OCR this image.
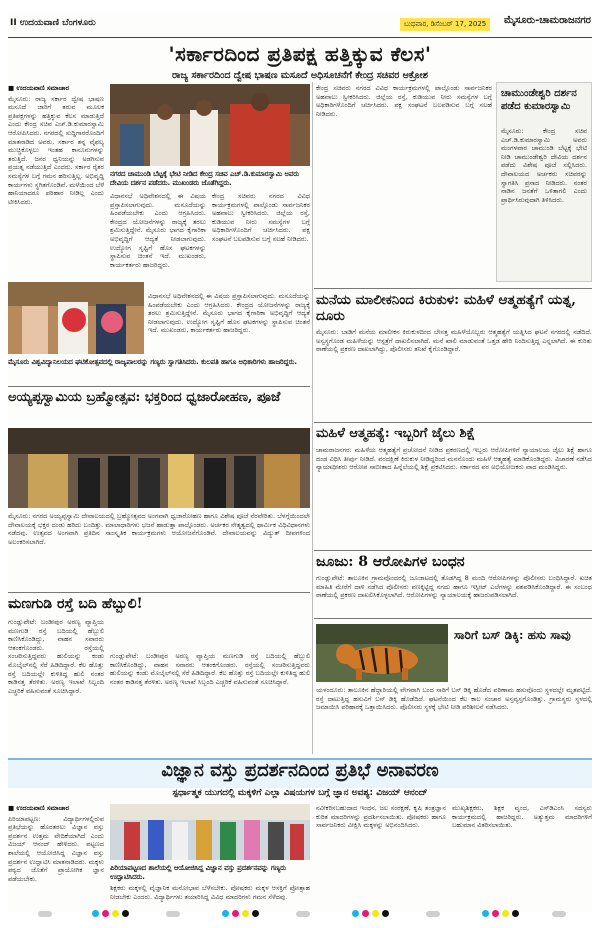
II ಉದಯವಾಣಿ ಬೆಂಗಳೂರು	ಬುಧವಾರ, ಡಿಸೆಂಬರ್ 17, 2025	ಮೈಸೂರು-ಚಾಮರಾಜನಗರ
'ಸರ್ಕಾರದಿಂದ ಪ್ರತಿಪಕ್ಷ ಹತ್ತಿಕ್ಕುವ ಕೆಲಸ'
ರಾಜ್ಯ ಸರ್ಕಾರದಿಂದ ದ್ವೇಷ ಭಾಷಣ ಮಸೂದೆ ಅಧಿಸೂಚನೆಗೆ ಕೇಂದ್ರ ಸಚಿವರ ಆಕ್ರೋಶ
■ ಉದಯವಾಣಿ ಸಮಾಚಾರ
ಮೈಸೂರು: ರಾಜ್ಯ ಸರ್ಕಾರ ದ್ವೇಷ ಭಾಷಣ ಮಸೂದೆ ಜಾರಿಗೆ ತರುವ ಮೂಲಕ ಪ್ರತಿಪಕ್ಷಗಳನ್ನು ಹತ್ತಿಕ್ಕುವ ಕೆಲಸ ಮಾಡುತ್ತಿದೆ ಎಂದು ಕೇಂದ್ರ ಸಚಿವ ಎಚ್.ಡಿ.ಕುಮಾರಸ್ವಾಮಿ ಆರೋಪಿಸಿದರು. ನಗರದಲ್ಲಿ ಸುದ್ದಿಗಾರರೊಂದಿಗೆ ಮಾತನಾಡಿದ ಅವರು, ಸರ್ಕಾರ ತನ್ನ ವೈಫಲ್ಯ ಮುಚ್ಚಿಕೊಳ್ಳಲು ಇಂತಹ ಕಾನೂನುಗಳನ್ನು ತರುತ್ತಿದೆ. ಜನರ ಧ್ವನಿಯನ್ನು ಅಡಗಿಸುವ ಪ್ರಯತ್ನ ನಡೆಯುತ್ತಿದೆ ಎಂದರು. ಸರ್ಕಾರ ರೈತರ ಸಮಸ್ಯೆಗಳ ಬಗ್ಗೆ ಗಮನ ಹರಿಸುತ್ತಿಲ್ಲ. ಅಭಿವೃದ್ಧಿ ಕಾರ್ಯಗಳು ಸ್ಥಗಿತಗೊಂಡಿವೆ. ಮಳೆಯಿಂದ ಬೆಳೆ ಹಾನಿಯಾದರೂ ಪರಿಹಾರ ನೀಡಿಲ್ಲ ಎಂದು ಟೀಕಿಸಿದರು.
ನಗರದ ಚಾಮುಂಡಿ ಬೆಟ್ಟಕ್ಕೆ ಭೇಟಿ ನೀಡಿದ ಕೇಂದ್ರ ಸಚಿವ ಎಚ್.ಡಿ.ಕುಮಾರಸ್ವಾಮಿ ಅವರು ದೇವಿಯ ದರ್ಶನ ಪಡೆದರು. ಮುಖಂಡರು ಜೊತೆಗಿದ್ದರು.
ವಿಧಾನಸಭೆ ಅಧಿವೇಶನದಲ್ಲಿ ಈ ವಿಷಯ ಪ್ರಸ್ತಾಪಿಸಲಾಗುವುದು. ಮಸೂದೆಯನ್ನು ಹಿಂಪಡೆಯಬೇಕು ಎಂದು ಆಗ್ರಹಿಸಿದರು. ಕೇಂದ್ರದ ಯೋಜನೆಗಳನ್ನು ರಾಜ್ಯಕ್ಕೆ ತರಲು ಶ್ರಮಿಸುತ್ತಿದ್ದೇನೆ. ಮೈಸೂರು ಭಾಗದ ಕೈಗಾರಿಕಾ ಅಭಿವೃದ್ಧಿಗೆ ಆದ್ಯತೆ ನೀಡಲಾಗುವುದು. ಉದ್ಯೋಗ ಸೃಷ್ಟಿಗೆ ಹೊಸ ಘಟಕಗಳನ್ನು ಸ್ಥಾಪಿಸುವ ಚಿಂತನೆ ಇದೆ. ಮುಖಂಡರು, ಕಾರ್ಯಕರ್ತರು ಹಾಜರಿದ್ದರು.
ಕೇಂದ್ರ ಸಚಿವರು ನಗರದ ವಿವಿಧ ಕಾರ್ಯಕ್ರಮಗಳಲ್ಲಿ ಪಾಲ್ಗೊಂಡು ಸಾರ್ವಜನಿಕರ ಅಹವಾಲು ಸ್ವೀಕರಿಸಿದರು. ಜಿಲ್ಲೆಯ ರಸ್ತೆ, ಕುಡಿಯುವ ನೀರು ಸಮಸ್ಯೆಗಳ ಬಗ್ಗೆ ಅಧಿಕಾರಿಗಳೊಂದಿಗೆ ಚರ್ಚಿಸಿದರು. ಪಕ್ಷ ಸಂಘಟನೆ ಬಲಪಡಿಸುವ ಬಗ್ಗೆ ಸಲಹೆ ನೀಡಿದರು.
ಕೇಂದ್ರ ಸಚಿವರು ನಗರದ ವಿವಿಧ ಕಾರ್ಯಕ್ರಮಗಳಲ್ಲಿ ಪಾಲ್ಗೊಂಡು ಸಾರ್ವಜನಿಕರ ಅಹವಾಲು ಸ್ವೀಕರಿಸಿದರು. ಜಿಲ್ಲೆಯ ರಸ್ತೆ, ಕುಡಿಯುವ ನೀರು ಸಮಸ್ಯೆಗಳ ಬಗ್ಗೆ ಅಧಿಕಾರಿಗಳೊಂದಿಗೆ ಚರ್ಚಿಸಿದರು. ಪಕ್ಷ ಸಂಘಟನೆ ಬಲಪಡಿಸುವ ಬಗ್ಗೆ ಸಲಹೆ ನೀಡಿದರು.
ಚಾಮುಂಡೇಶ್ವರಿ ದರ್ಶನ ಪಡೆದ ಕುಮಾರಸ್ವಾಮಿ
ಮೈಸೂರು: ಕೇಂದ್ರ ಸಚಿವ ಎಚ್.ಡಿ.ಕುಮಾರಸ್ವಾಮಿ ಅವರು ಮಂಗಳವಾರ ಚಾಮುಂಡಿ ಬೆಟ್ಟಕ್ಕೆ ಭೇಟಿ ನೀಡಿ ಚಾಮುಂಡೇಶ್ವರಿ ದೇವಿಯ ದರ್ಶನ ಪಡೆದು ವಿಶೇಷ ಪೂಜೆ ಸಲ್ಲಿಸಿದರು. ದೇವಾಲಯದ ಅರ್ಚಕರು ಸಚಿವರನ್ನು ಸ್ವಾಗತಿಸಿ ಪ್ರಸಾದ ನೀಡಿದರು. ನಂತರ ನಾಡಿನ ಜನತೆಗೆ ಒಳಿತಾಗಲಿ ಎಂದು ಪ್ರಾರ್ಥಿಸಿರುವುದಾಗಿ ತಿಳಿಸಿದರು.
ಮೈಸೂರು ವಿಶ್ವವಿದ್ಯಾನಿಲಯದ ಘಟಿಕೋತ್ಸವದಲ್ಲಿ ರಾಜ್ಯಪಾಲರನ್ನು ಗಣ್ಯರು ಸ್ವಾಗತಿಸಿದರು. ಕುಲಪತಿ ಹಾಗೂ ಅಧಿಕಾರಿಗಳು ಹಾಜರಿದ್ದರು.
ಮನೆಯ ಮಾಲೀಕನಿಂದ ಕಿರುಕುಳ: ಮಹಿಳೆ ಆತ್ಮಹತ್ಯೆಗೆ ಯತ್ನ, ದೂರು
ಮೈಸೂರು: ಬಾಡಿಗೆ ಮನೆಯ ಮಾಲೀಕನ ಕಿರುಕುಳದಿಂದ ಬೇಸತ್ತ ಮಹಿಳೆಯೊಬ್ಬರು ಆತ್ಮಹತ್ಯೆಗೆ ಯತ್ನಿಸಿದ ಘಟನೆ ನಗರದಲ್ಲಿ ನಡೆದಿದೆ. ಅಸ್ವಸ್ಥಗೊಂಡ ಮಹಿಳೆಯನ್ನು ಆಸ್ಪತ್ರೆಗೆ ದಾಖಲಿಸಲಾಗಿದೆ. ಮನೆ ಖಾಲಿ ಮಾಡುವಂತೆ ಒತ್ತಡ ಹೇರಿ ನಿಂದಿಸುತ್ತಿದ್ದ ಎನ್ನಲಾಗಿದೆ. ಈ ಕುರಿತು ಠಾಣೆಯಲ್ಲಿ ಪ್ರಕರಣ ದಾಖಲಾಗಿದ್ದು, ಪೊಲೀಸರು ತನಿಖೆ ಕೈಗೊಂಡಿದ್ದಾರೆ.
ವಿಧಾನಸಭೆ ಅಧಿವೇಶನದಲ್ಲಿ ಈ ವಿಷಯ ಪ್ರಸ್ತಾಪಿಸಲಾಗುವುದು. ಮಸೂದೆಯನ್ನು ಹಿಂಪಡೆಯಬೇಕು ಎಂದು ಆಗ್ರಹಿಸಿದರು. ಕೇಂದ್ರದ ಯೋಜನೆಗಳನ್ನು ರಾಜ್ಯಕ್ಕೆ ತರಲು ಶ್ರಮಿಸುತ್ತಿದ್ದೇನೆ. ಮೈಸೂರು ಭಾಗದ ಕೈಗಾರಿಕಾ ಅಭಿವೃದ್ಧಿಗೆ ಆದ್ಯತೆ ನೀಡಲಾಗುವುದು. ಉದ್ಯೋಗ ಸೃಷ್ಟಿಗೆ ಹೊಸ ಘಟಕಗಳನ್ನು ಸ್ಥಾಪಿಸುವ ಚಿಂತನೆ ಇದೆ. ಮುಖಂಡರು, ಕಾರ್ಯಕರ್ತರು ಹಾಜರಿದ್ದರು.
ಅಯ್ಯಪ್ಪಸ್ವಾಮಿಯ ಬ್ರಹ್ಮೋತ್ಸವ: ಭಕ್ತರಿಂದ ಧ್ವಜಾರೋಹಣ, ಪೂಜೆ
ಮೈಸೂರು: ನಗರದ ಅಯ್ಯಪ್ಪಸ್ವಾಮಿ ದೇವಾಲಯದಲ್ಲಿ ಬ್ರಹ್ಮೋತ್ಸವದ ಅಂಗವಾಗಿ ಧ್ವಜಾರೋಹಣ ಹಾಗೂ ವಿಶೇಷ ಪೂಜೆ ನೆರವೇರಿತು. ಬೆಳಗ್ಗೆಯಿಂದಲೇ ದೇವಾಲಯಕ್ಕೆ ಭಕ್ತರ ದಂಡು ಹರಿದು ಬಂದಿತ್ತು. ಮಾಲಾಧಾರಿಗಳು ಭಜನೆ ಹಾಡುತ್ತಾ ಪಾಲ್ಗೊಂಡರು. ಅರ್ಚಕರ ನೇತೃತ್ವದಲ್ಲಿ ಧಾರ್ಮಿಕ ವಿಧಿವಿಧಾನಗಳು ನಡೆದವು. ಉತ್ಸವದ ಅಂಗವಾಗಿ ಪ್ರತಿದಿನ ಸಾಂಸ್ಕೃತಿಕ ಕಾರ್ಯಕ್ರಮಗಳು ಆಯೋಜನೆಗೊಂಡಿವೆ. ದೇವಾಲಯವನ್ನು ವಿದ್ಯುತ್ ದೀಪಗಳಿಂದ ಅಲಂಕರಿಸಲಾಗಿದೆ.
ಮಹಿಳೆ ಆತ್ಮಹತ್ಯೆ: ಇಬ್ಬರಿಗೆ ಜೈಲು ಶಿಕ್ಷೆ
ಚಾಮರಾಜನಗರ: ಮಹಿಳೆಯ ಆತ್ಮಹತ್ಯೆಗೆ ಪ್ರಚೋದನೆ ನೀಡಿದ ಪ್ರಕರಣದಲ್ಲಿ ಇಬ್ಬರು ಆರೋಪಿಗಳಿಗೆ ನ್ಯಾಯಾಲಯ ಜೈಲು ಶಿಕ್ಷೆ ಹಾಗೂ ದಂಡ ವಿಧಿಸಿ ತೀರ್ಪು ನೀಡಿದೆ. ವರದಕ್ಷಿಣೆ ಕಿರುಕುಳ ನೀಡಿದ್ದರಿಂದ ಮನನೊಂದು ಮಹಿಳೆ ಆತ್ಮಹತ್ಯೆ ಮಾಡಿಕೊಂಡಿದ್ದರು. ವಿಚಾರಣೆ ನಡೆಸಿದ ನ್ಯಾಯಾಧೀಶರು ಆರೋಪ ಸಾಬೀತಾದ ಹಿನ್ನೆಲೆಯಲ್ಲಿ ಶಿಕ್ಷೆ ಪ್ರಕಟಿಸಿದರು. ಸರ್ಕಾರದ ಪರ ಅಭಿಯೋಜಕರು ವಾದ ಮಂಡಿಸಿದ್ದರು.
ಜೂಜು: 8 ಆರೋಪಿಗಳ ಬಂಧನ
ಗುಂಡ್ಲುಪೇಟೆ: ತಾಲೂಕಿನ ಗ್ರಾಮವೊಂದರಲ್ಲಿ ಜೂಜಾಟದಲ್ಲಿ ತೊಡಗಿದ್ದ 8 ಮಂದಿ ಆರೋಪಿಗಳನ್ನು ಪೊಲೀಸರು ಬಂಧಿಸಿದ್ದಾರೆ. ಖಚಿತ ಮಾಹಿತಿ ಮೇರೆಗೆ ದಾಳಿ ನಡೆಸಿದ ಪೊಲೀಸರು ಪಣಕ್ಕಿಟ್ಟಿದ್ದ ನಗದು ಹಾಗೂ ಇಸ್ಪೀಟ್ ಎಲೆಗಳನ್ನು ವಶಪಡಿಸಿಕೊಂಡಿದ್ದಾರೆ. ಈ ಸಂಬಂಧ ಠಾಣೆಯಲ್ಲಿ ಪ್ರಕರಣ ದಾಖಲಿಸಿಕೊಳ್ಳಲಾಗಿದೆ. ಆರೋಪಿಗಳನ್ನು ನ್ಯಾಯಾಲಯಕ್ಕೆ ಹಾಜರುಪಡಿಸಲಾಗಿದೆ.
ಮಣಗುಡಿ ರಸ್ತೆ ಬದಿ ಹೆಬ್ಬುಲಿ!
ಗುಂಡ್ಲುಪೇಟೆ: ಬಂಡೀಪುರ ಅರಣ್ಯ ವ್ಯಾಪ್ತಿಯ ಮಣಗುಡಿ ರಸ್ತೆ ಬದಿಯಲ್ಲಿ ಹೆಬ್ಬುಲಿ ಕಾಣಿಸಿಕೊಂಡಿದ್ದು, ವಾಹನ ಸವಾರರು ಆತಂಕಗೊಂಡರು. ರಸ್ತೆಯಲ್ಲಿ ಸಂಚರಿಸುತ್ತಿದ್ದವರು ಹುಲಿಯನ್ನು ಕಂಡು ಮೊಬೈಲ್‌ನಲ್ಲಿ ಸೆರೆ ಹಿಡಿದಿದ್ದಾರೆ. ಕೆಲ ಹೊತ್ತು ರಸ್ತೆ ಬದಿಯಲ್ಲೇ ಕುಳಿತಿದ್ದ ಹುಲಿ ನಂತರ ಕಾಡಿನತ್ತ ತೆರಳಿತು. ಅರಣ್ಯ ಇಲಾಖೆ ಸಿಬ್ಬಂದಿ ಎಚ್ಚರಿಕೆ ವಹಿಸುವಂತೆ ಸೂಚಿಸಿದ್ದಾರೆ.
ಗುಂಡ್ಲುಪೇಟೆ: ಬಂಡೀಪುರ ಅರಣ್ಯ ವ್ಯಾಪ್ತಿಯ ಮಣಗುಡಿ ರಸ್ತೆ ಬದಿಯಲ್ಲಿ ಹೆಬ್ಬುಲಿ ಕಾಣಿಸಿಕೊಂಡಿದ್ದು, ವಾಹನ ಸವಾರರು ಆತಂಕಗೊಂಡರು. ರಸ್ತೆಯಲ್ಲಿ ಸಂಚರಿಸುತ್ತಿದ್ದವರು ಹುಲಿಯನ್ನು ಕಂಡು ಮೊಬೈಲ್‌ನಲ್ಲಿ ಸೆರೆ ಹಿಡಿದಿದ್ದಾರೆ. ಕೆಲ ಹೊತ್ತು ರಸ್ತೆ ಬದಿಯಲ್ಲೇ ಕುಳಿತಿದ್ದ ಹುಲಿ ನಂತರ ಕಾಡಿನತ್ತ ತೆರಳಿತು. ಅರಣ್ಯ ಇಲಾಖೆ ಸಿಬ್ಬಂದಿ ಎಚ್ಚರಿಕೆ ವಹಿಸುವಂತೆ ಸೂಚಿಸಿದ್ದಾರೆ.
ಸಾರಿಗೆ ಬಸ್ ಡಿಕ್ಕಿ: ಹಸು ಸಾವು
ಯಳಂದೂರು: ತಾಲೂಕಿನ ಹೆದ್ದಾರಿಯಲ್ಲಿ ವೇಗವಾಗಿ ಬಂದ ಸಾರಿಗೆ ಬಸ್ ಡಿಕ್ಕಿ ಹೊಡೆದ ಪರಿಣಾಮ ಹಸುವೊಂದು ಸ್ಥಳದಲ್ಲೇ ಮೃತಪಟ್ಟಿದೆ. ರಸ್ತೆ ದಾಟುತ್ತಿದ್ದ ಹಸುವಿಗೆ ಬಸ್ ಡಿಕ್ಕಿ ಹೊಡೆದಿದೆ. ಘಟನೆಯಿಂದ ಕೆಲ ಕಾಲ ಸಂಚಾರ ಅಸ್ತವ್ಯಸ್ತಗೊಂಡಿತ್ತು. ಗ್ರಾಮಸ್ಥರು ಸ್ಥಳದಲ್ಲಿ ಜಮಾಯಿಸಿ ಪರಿಹಾರಕ್ಕೆ ಒತ್ತಾಯಿಸಿದರು. ಪೊಲೀಸರು ಸ್ಥಳಕ್ಕೆ ಭೇಟಿ ನೀಡಿ ಪರಿಶೀಲನೆ ನಡೆಸಿದರು.
ವಿಜ್ಞಾನ ವಸ್ತು ಪ್ರದರ್ಶನದಿಂದ ಪ್ರತಿಭೆ ಅನಾವರಣ
ಸ್ಪರ್ಧಾತ್ಮಕ ಯುಗದಲ್ಲಿ ಮಕ್ಕಳಿಗೆ ಎಲ್ಲಾ ವಿಷಯಗಳ ಬಗ್ಗೆ ಜ್ಞಾನ ಅವಶ್ಯ: ವಿಜಯ್ ಆನಂದ್
■ ಉದಯವಾಣಿ ಸಮಾಚಾರ
ಪಿರಿಯಾಪಟ್ಟಣ: ವಿದ್ಯಾರ್ಥಿಗಳಲ್ಲಿರುವ ಪ್ರತಿಭೆಯನ್ನು ಹೊರತರಲು ವಿಜ್ಞಾನ ವಸ್ತು ಪ್ರದರ್ಶನ ಉತ್ತಮ ವೇದಿಕೆಯಾಗಿದೆ ಎಂದು ವಿಜಯ್ ಆನಂದ್ ಹೇಳಿದರು. ಪಟ್ಟಣದ ಶಾಲೆಯಲ್ಲಿ ಆಯೋಜಿಸಿದ್ದ ವಿಜ್ಞಾನ ವಸ್ತು ಪ್ರದರ್ಶನ ಉದ್ಘಾಟಿಸಿ ಮಾತನಾಡಿದರು. ಮಕ್ಕಳು ಪಠ್ಯದ ಜೊತೆಗೆ ಪ್ರಾಯೋಗಿಕ ಜ್ಞಾನ ಪಡೆಯಬೇಕು.
ಪಿರಿಯಾಪಟ್ಟಣದ ಶಾಲೆಯಲ್ಲಿ ಆಯೋಜಿಸಿದ್ದ ವಿಜ್ಞಾನ ವಸ್ತು ಪ್ರದರ್ಶನವನ್ನು ಗಣ್ಯರು ಉದ್ಘಾಟಿಸಿದರು.
ಶಿಕ್ಷಕರು ಮಕ್ಕಳಲ್ಲಿ ವೈಜ್ಞಾನಿಕ ಮನೋಭಾವ ಬೆಳೆಸಬೇಕು. ಪೋಷಕರು ಮಕ್ಕಳ ಆಸಕ್ತಿಗೆ ಪ್ರೋತ್ಸಾಹ ನೀಡಬೇಕು ಎಂದರು. ವಿದ್ಯಾರ್ಥಿಗಳು ತಯಾರಿಸಿದ್ದ ವಿವಿಧ ಮಾದರಿಗಳು ಗಮನ ಸೆಳೆದವು.
ನವೀಕರಿಸಬಹುದಾದ ಇಂಧನ, ಜಲ ಸಂರಕ್ಷಣೆ, ಕೃಷಿ ತಂತ್ರಜ್ಞಾನ ಕುರಿತ ಮಾದರಿಗಳನ್ನು ಪ್ರದರ್ಶಿಸಲಾಯಿತು. ಪೋಷಕರು ಹಾಗೂ ಸಾರ್ವಜನಿಕರು ವೀಕ್ಷಿಸಿ ಮಕ್ಕಳನ್ನು ಅಭಿನಂದಿಸಿದರು.
ಮುಖ್ಯಶಿಕ್ಷಕರು, ಶಿಕ್ಷಕ ವೃಂದ, ಎಸ್‌ಡಿಎಂಸಿ ಸದಸ್ಯರು ಕಾರ್ಯಕ್ರಮದಲ್ಲಿ ಹಾಜರಿದ್ದರು. ಅತ್ಯುತ್ತಮ ಮಾದರಿಗಳಿಗೆ ಬಹುಮಾನ ವಿತರಿಸಲಾಯಿತು.
